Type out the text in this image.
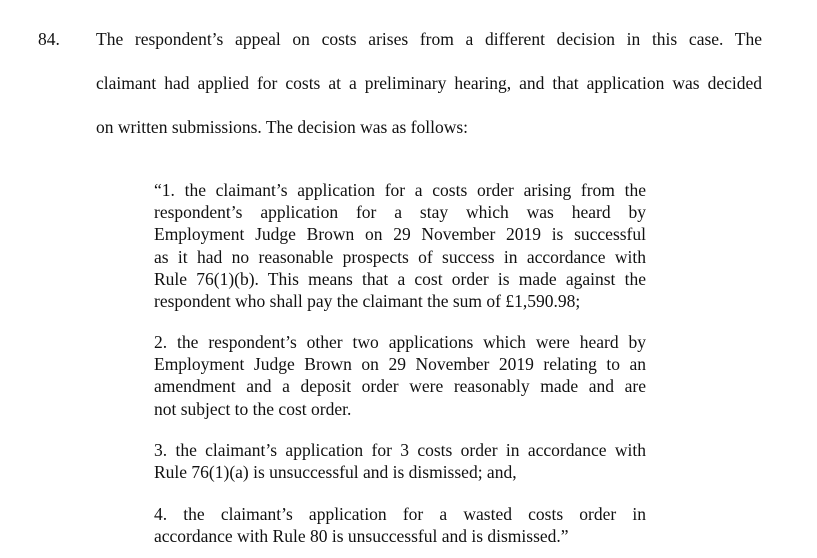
84. The respondent’s appeal on costs arises from a different decision in this case. The
claimant had applied for costs at a preliminary hearing, and that application was decided
on written submissions. The decision was as follows:
“1. the claimant’s application for a costs order arising from the
respondent’s application for a stay which was heard by
Employment Judge Brown on 29 November 2019 is successful
as it had no reasonable prospects of success in accordance with
Rule 76(1)(b). This means that a cost order is made against the
respondent who shall pay the claimant the sum of £1,590.98;
2. the respondent’s other two applications which were heard by
Employment Judge Brown on 29 November 2019 relating to an
amendment and a deposit order were reasonably made and are
not subject to the cost order.
3. the claimant’s application for 3 costs order in accordance with
Rule 76(1)(a) is unsuccessful and is dismissed; and,
4. the claimant’s application for a wasted costs order in
accordance with Rule 80 is unsuccessful and is dismissed.”
